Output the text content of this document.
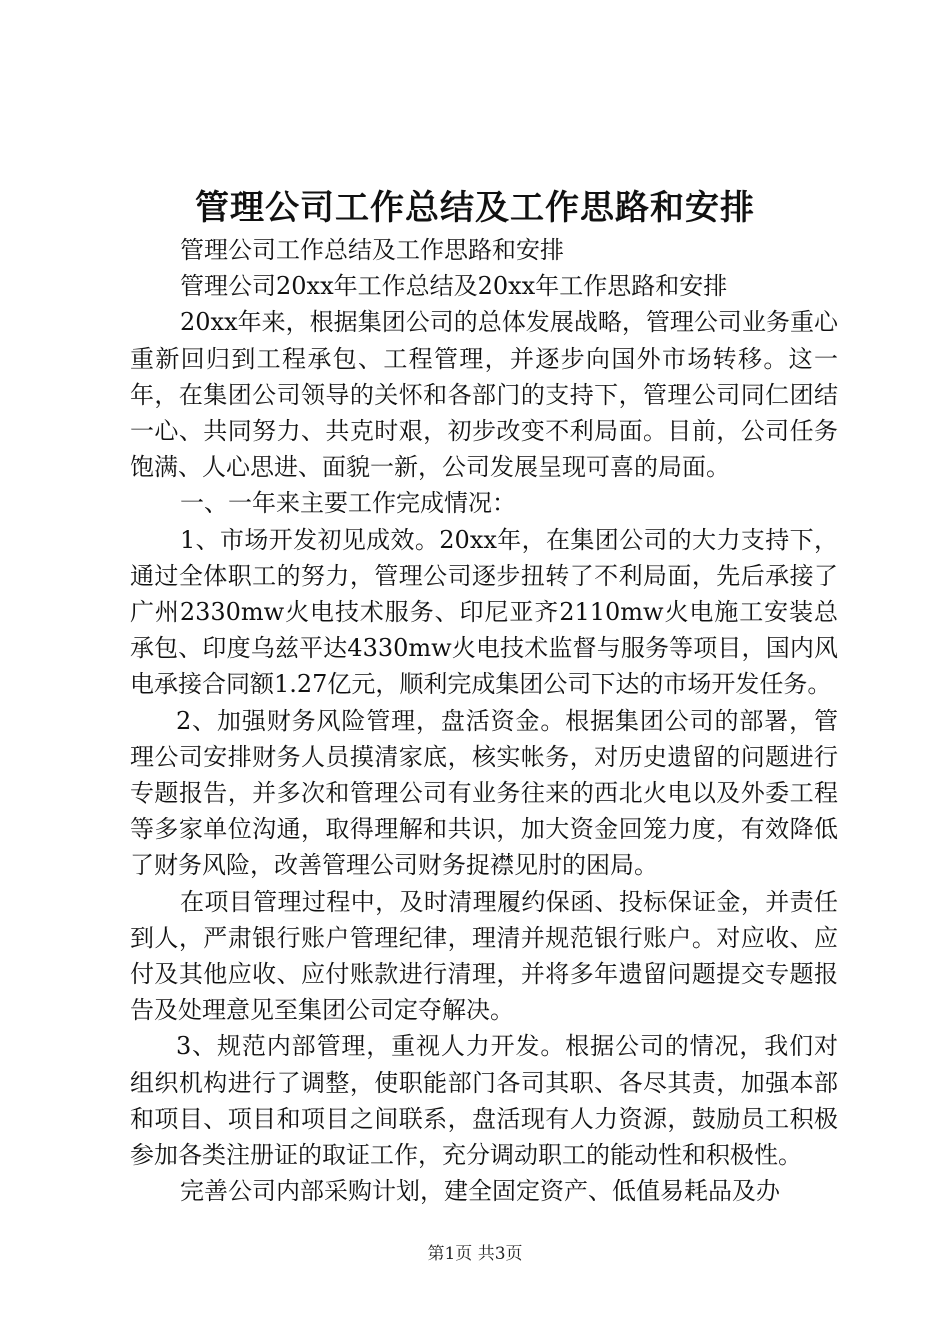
管理公司工作总结及工作思路和安排

管理公司工作总结及工作思路和安排

管理公司20xx年工作总结及20xx年工作思路和安排

20xx年来，根据集团公司的总体发展战略，管理公司业务重心重新回归到工程承包、工程管理，并逐步向国外市场转移。这一年，在集团公司领导的关怀和各部门的支持下，管理公司同仁团结一心、共同努力、共克时艰，初步改变不利局面。目前，公司任务饱满、人心思进、面貌一新，公司发展呈现可喜的局面。

一、一年来主要工作完成情况：

1、市场开发初见成效。20xx年，在集团公司的大力支持下，通过全体职工的努力，管理公司逐步扭转了不利局面，先后承接了广州2330mw火电技术服务、印尼亚齐2110mw火电施工安装总承包、印度乌兹平达4330mw火电技术监督与服务等项目，国内风电承接合同额1.27亿元，顺利完成集团公司下达的市场开发任务。

2、加强财务风险管理，盘活资金。根据集团公司的部署，管理公司安排财务人员摸清家底，核实帐务，对历史遗留的问题进行专题报告，并多次和管理公司有业务往来的西北火电以及外委工程等多家单位沟通，取得理解和共识，加大资金回笼力度，有效降低了财务风险，改善管理公司财务捉襟见肘的困局。

在项目管理过程中，及时清理履约保函、投标保证金，并责任到人，严肃银行账户管理纪律，理清并规范银行账户。对应收、应付及其他应收、应付账款进行清理，并将多年遗留问题提交专题报告及处理意见至集团公司定夺解决。

3、规范内部管理，重视人力开发。根据公司的情况，我们对组织机构进行了调整，使职能部门各司其职、各尽其责，加强本部和项目、项目和项目之间联系，盘活现有人力资源，鼓励员工积极参加各类注册证的取证工作，充分调动职工的能动性和积极性。

完善公司内部采购计划，建全固定资产、低值易耗品及办

第1页 共3页
